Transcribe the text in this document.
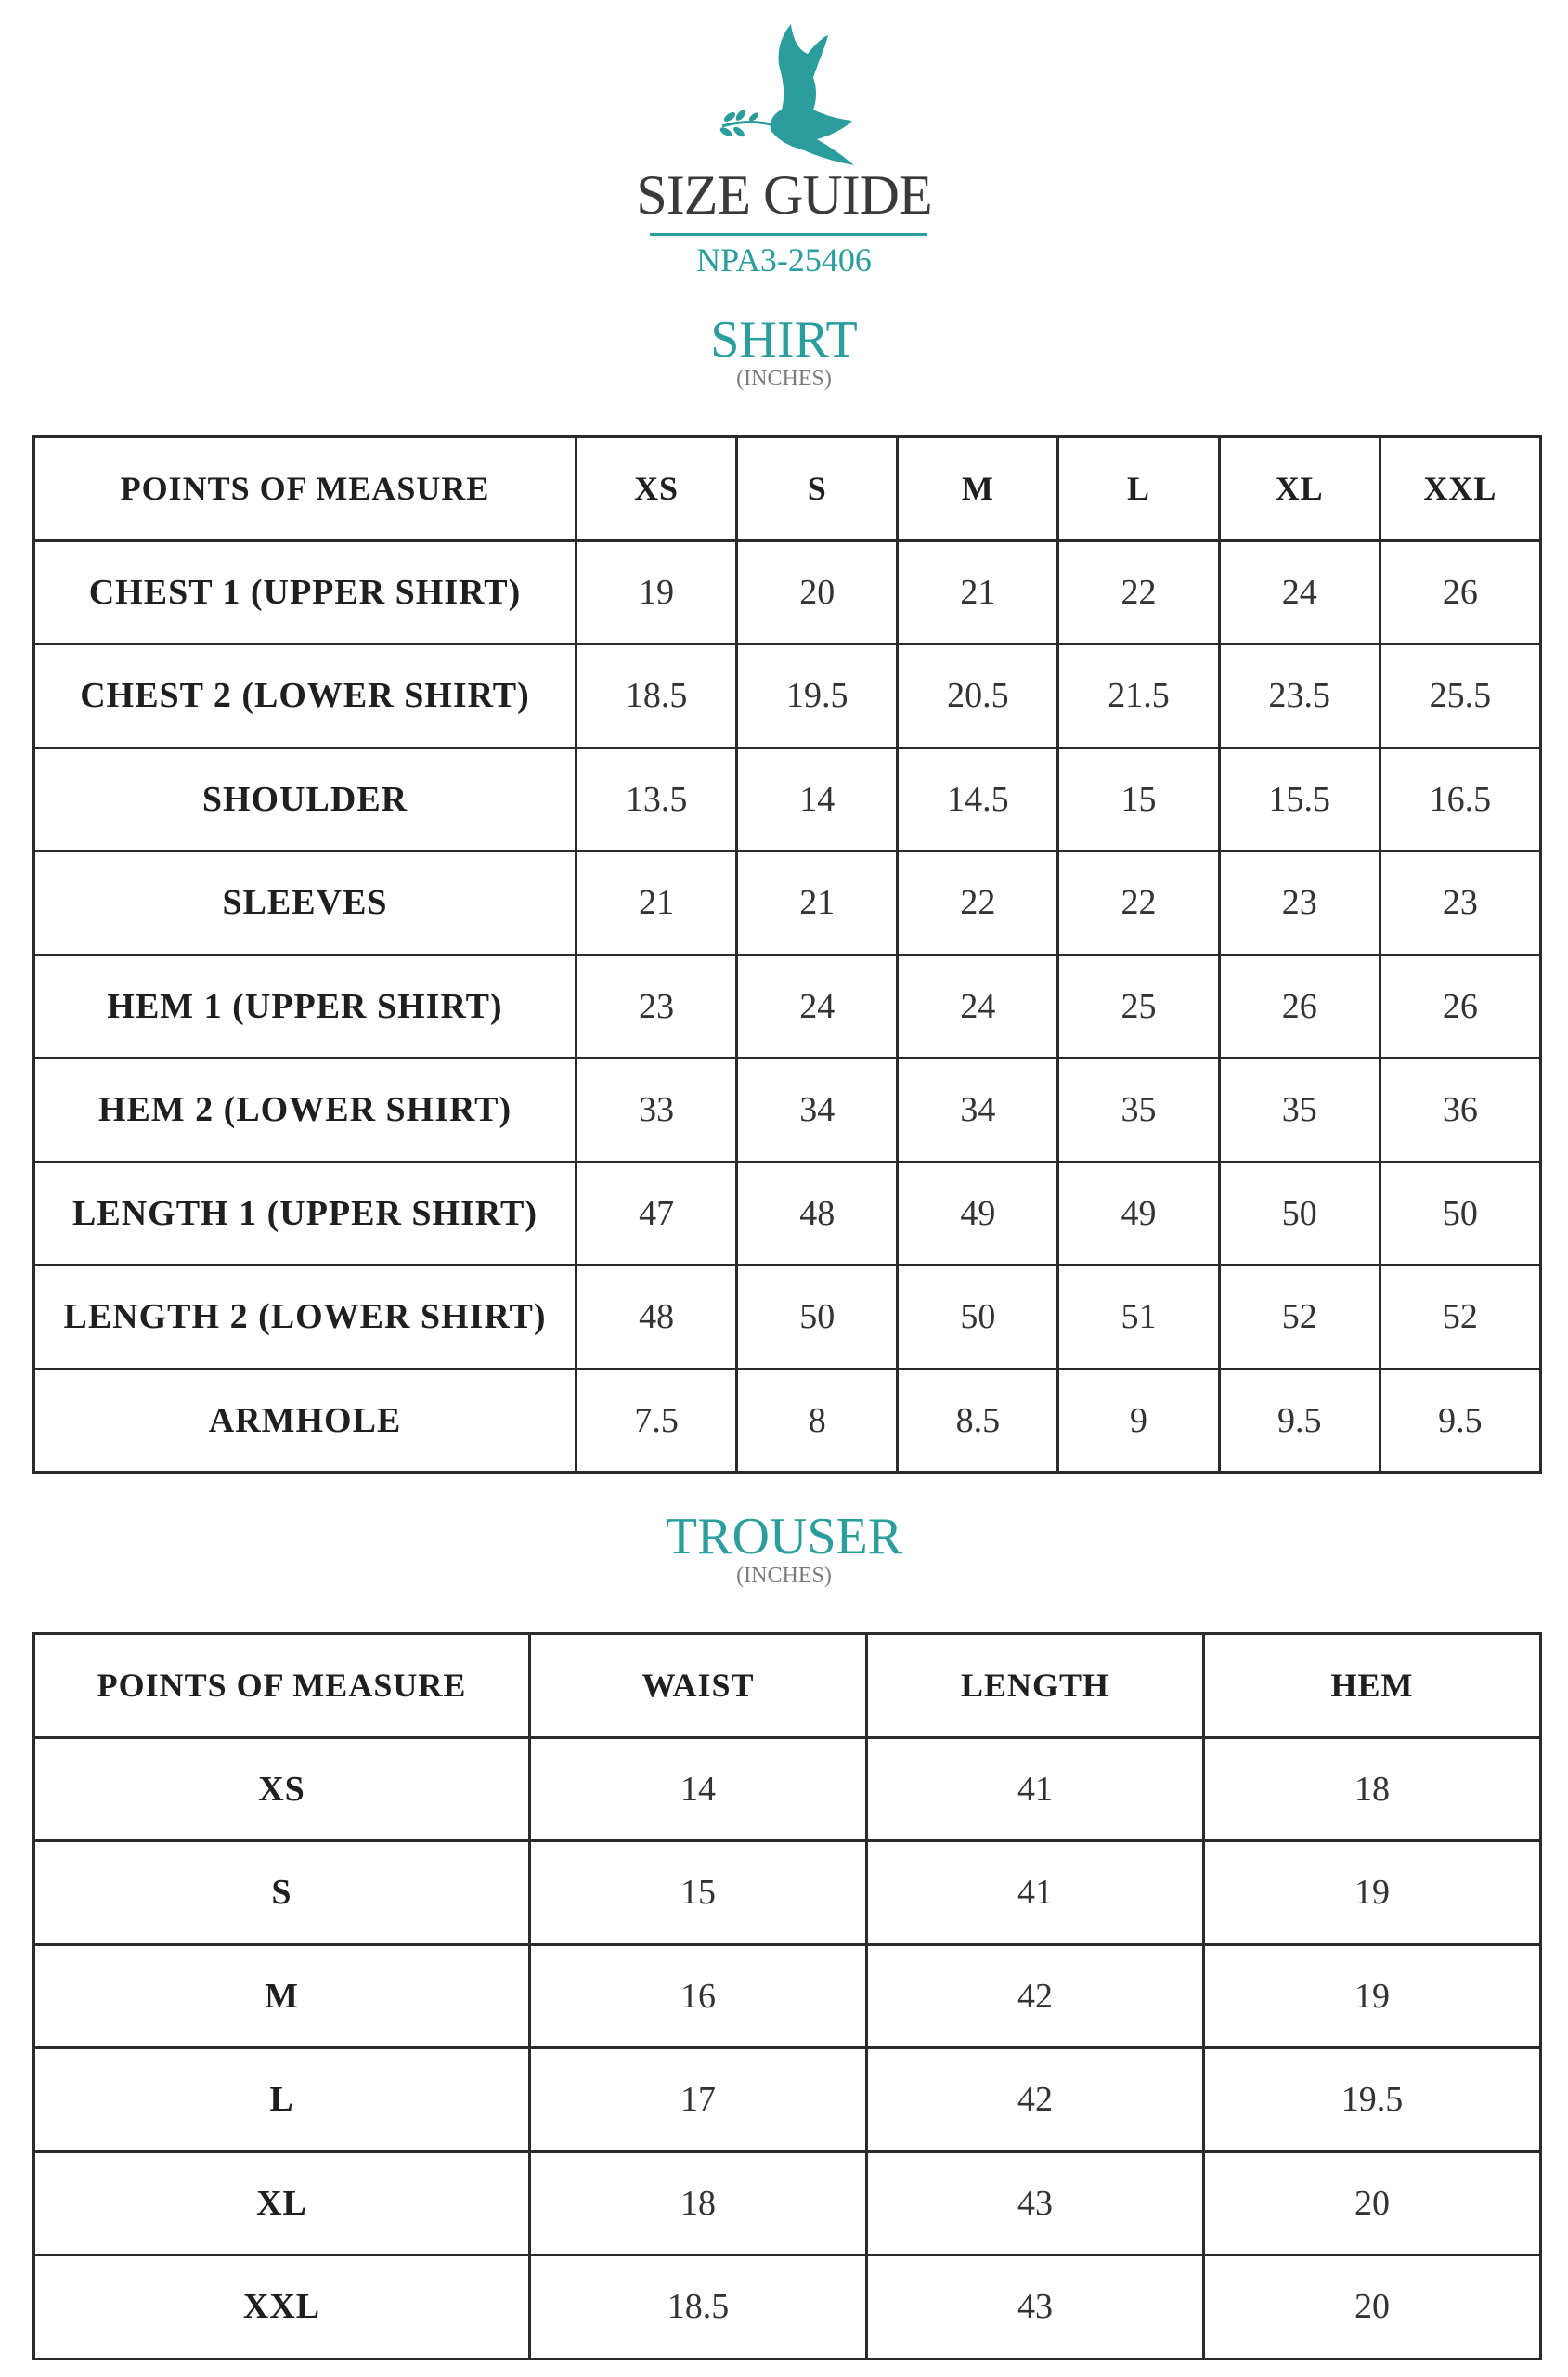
SIZE GUIDE
NPA3-25406
SHIRT
(INCHES)
POINTS OF MEASURE	XS	S	M	L	XL	XXL
CHEST 1 (UPPER SHIRT)	19	20	21	22	24	26
CHEST 2 (LOWER SHIRT)	18.5	19.5	20.5	21.5	23.5	25.5
SHOULDER	13.5	14	14.5	15	15.5	16.5
SLEEVES	21	21	22	22	23	23
HEM 1 (UPPER SHIRT)	23	24	24	25	26	26
HEM 2 (LOWER SHIRT)	33	34	34	35	35	36
LENGTH 1 (UPPER SHIRT)	47	48	49	49	50	50
LENGTH 2 (LOWER SHIRT)	48	50	50	51	52	52
ARMHOLE	7.5	8	8.5	9	9.5	9.5
TROUSER
(INCHES)
POINTS OF MEASURE	WAIST	LENGTH	HEM
XS	14	41	18
S	15	41	19
M	16	42	19
L	17	42	19.5
XL	18	43	20
XXL	18.5	43	20
